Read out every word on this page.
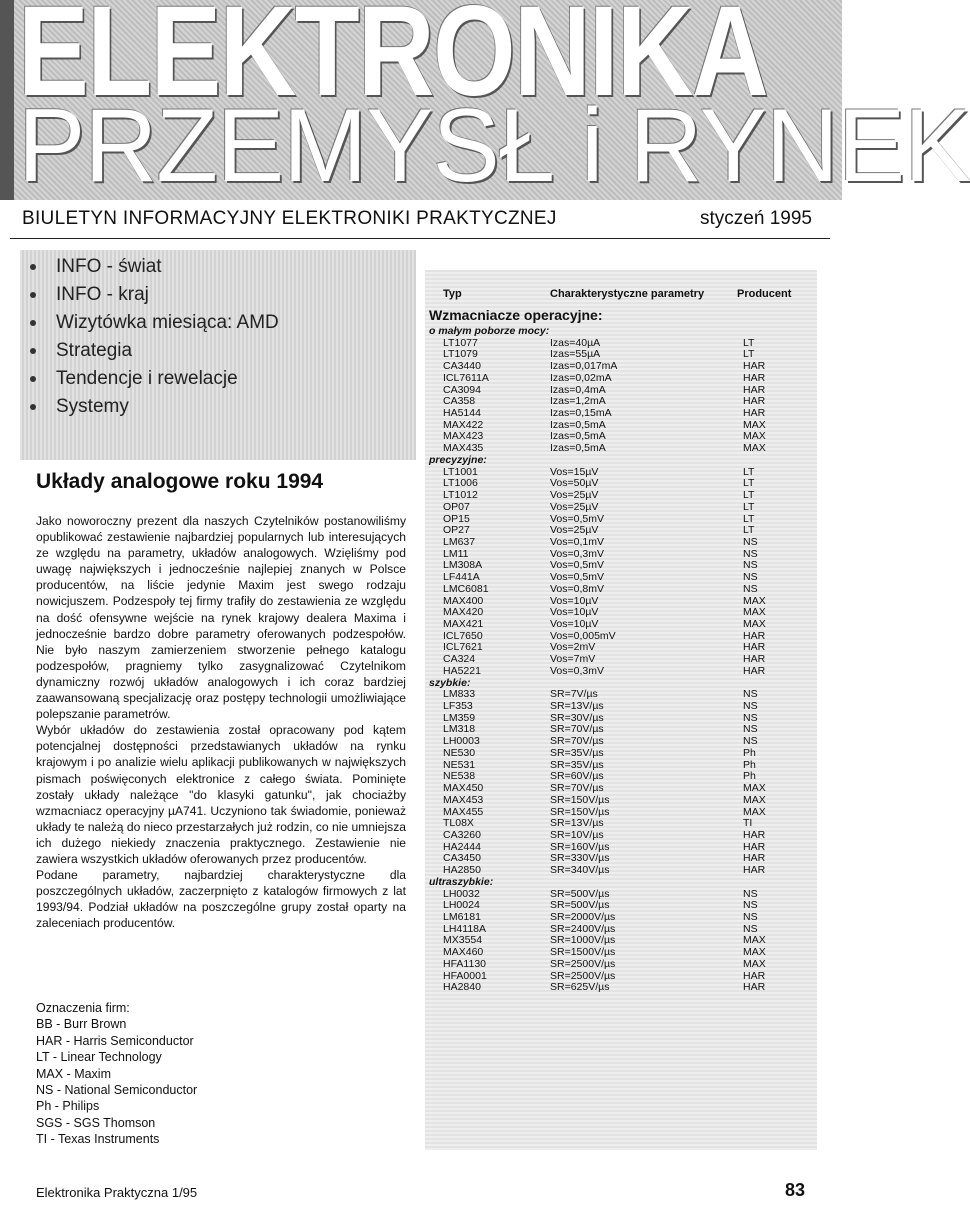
ELEKTRONIKA
PRZEMYSŁ i RYNEK
BIULETYN INFORMACYJNY ELEKTRONIKI PRAKTYCZNEJ	styczeń 1995
INFO - świat
INFO - kraj
Wizytówka miesiąca: AMD
Strategia
Tendencje i rewelacje
Systemy
Układy analogowe roku 1994

Jako noworoczny prezent dla naszych Czytelników postanowiliśmy opublikować zestawienie najbardziej popularnych lub interesujących ze względu na parametry, układów analogowych. Wzięliśmy pod uwagę największych i jednocześnie najlepiej znanych w Polsce producentów, na liście jedynie Maxim jest swego rodzaju nowicjuszem. Podzespoły tej firmy trafiły do zestawienia ze względu na dość ofensywne wejście na rynek krajowy dealera Maxima i jednocześnie bardzo dobre parametry oferowanych podzespołów. Nie było naszym zamierzeniem stworzenie pełnego katalogu podzespołów, pragniemy tylko zasygnalizować Czytelnikom dynamiczny rozwój układów analogowych i ich coraz bardziej zaawansowaną specjalizację oraz postępy technologii umożliwiające polepszanie parametrów.

Wybór układów do zestawienia został opracowany pod kątem potencjalnej dostępności przedstawianych układów na rynku krajowym i po analizie wielu aplikacji publikowanych w największych pismach poświęconych elektronice z całego świata. Pominięte zostały układy należące "do klasyki gatunku", jak chociażby wzmacniacz operacyjny µA741. Uczyniono tak świadomie, ponieważ układy te należą do nieco przestarzałych już rodzin, co nie umniejsza ich dużego niekiedy znaczenia praktycznego. Zestawienie nie zawiera wszystkich układów oferowanych przez producentów.

Podane parametry, najbardziej charakterystyczne dla poszczególnych układów, zaczerpnięto z katalogów firmowych z lat 1993/94. Podział układów na poszczególne grupy został oparty na zaleceniach producentów.

Oznaczenia firm:
BB - Burr Brown
HAR - Harris Semiconductor
LT - Linear Technology
MAX - Maxim
NS - National Semiconductor
Ph - Philips
SGS - SGS Thomson
TI - Texas Instruments
Typ	Charakterystyczne parametry	Producent
Wzmacniacze operacyjne:
o małym poborze mocy:
LT1077	Izas=40µA	LT
LT1079	Izas=55µA	LT
CA3440	Izas=0,017mA	HAR
ICL7611A	Izas=0,02mA	HAR
CA3094	Izas=0,4mA	HAR
CA358	Izas=1,2mA	HAR
HA5144	Izas=0,15mA	HAR
MAX422	Izas=0,5mA	MAX
MAX423	Izas=0,5mA	MAX
MAX435	Izas=0,5mA	MAX
precyzyjne:
LT1001	Vos=15µV	LT
LT1006	Vos=50µV	LT
LT1012	Vos=25µV	LT
OP07	Vos=25µV	LT
OP15	Vos=0,5mV	LT
OP27	Vos=25µV	LT
LM637	Vos=0,1mV	NS
LM11	Vos=0,3mV	NS
LM308A	Vos=0,5mV	NS
LF441A	Vos=0,5mV	NS
LMC6081	Vos=0,8mV	NS
MAX400	Vos=10µV	MAX
MAX420	Vos=10µV	MAX
MAX421	Vos=10µV	MAX
ICL7650	Vos=0,005mV	HAR
ICL7621	Vos=2mV	HAR
CA324	Vos=7mV	HAR
HA5221	Vos=0,3mV	HAR
szybkie:
LM833	SR=7V/µs	NS
LF353	SR=13V/µs	NS
LM359	SR=30V/µs	NS
LM318	SR=70V/µs	NS
LH0003	SR=70V/µs	NS
NE530	SR=35V/µs	Ph
NE531	SR=35V/µs	Ph
NE538	SR=60V/µs	Ph
MAX450	SR=70V/µs	MAX
MAX453	SR=150V/µs	MAX
MAX455	SR=150V/µs	MAX
TL08X	SR=13V/µs	TI
CA3260	SR=10V/µs	HAR
HA2444	SR=160V/µs	HAR
CA3450	SR=330V/µs	HAR
HA2850	SR=340V/µs	HAR
ultraszybkie:
LH0032	SR=500V/µs	NS
LH0024	SR=500V/µs	NS
LM6181	SR=2000V/µs	NS
LH4118A	SR=2400V/µs	NS
MX3554	SR=1000V/µs	MAX
MAX460	SR=1500V/µs	MAX
HFA1130	SR=2500V/µs	MAX
HFA0001	SR=2500V/µs	HAR
HA2840	SR=625V/µs	HAR
Elektronika Praktyczna 1/95	83
